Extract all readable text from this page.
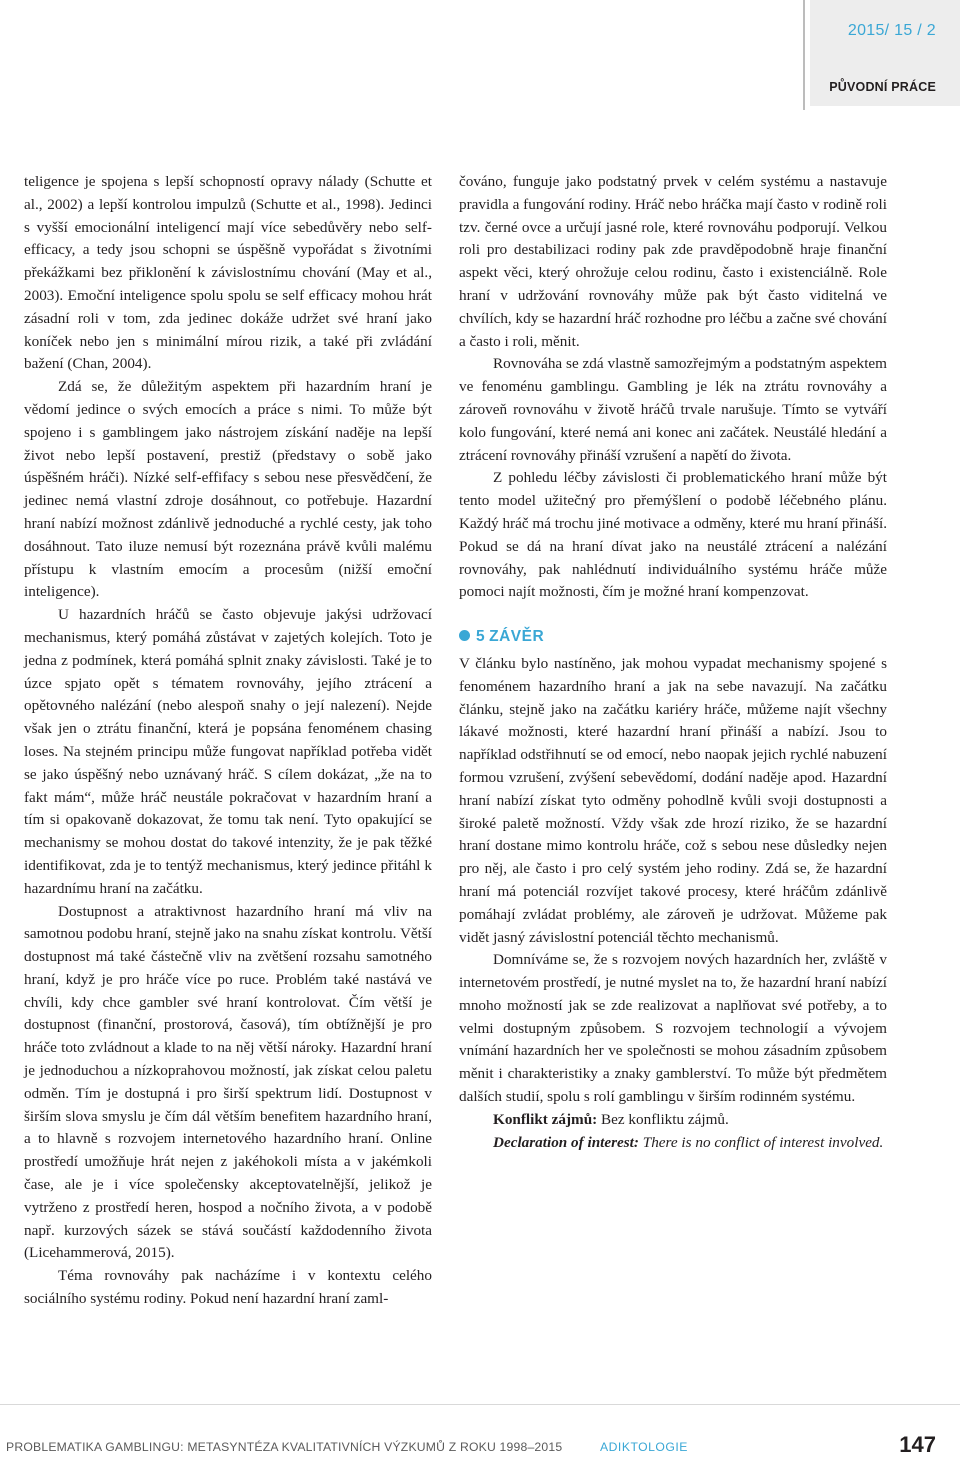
2015/ 15 / 2
PŮVODNÍ PRÁCE

teligence je spojena s lepší schopností opravy nálady (Schutte et al., 2002) a lepší kontrolou impulzů (Schutte et al., 1998). Jedinci s vyšší emocionální inteligencí mají více sebedůvěry nebo self-efficacy, a tedy jsou schopni se úspěšně vypořádat s životními překážkami bez přiklonění k závislostnímu chování (May et al., 2003). Emoční inteligence spolu spolu se self efficacy mohou hrát zásadní roli v tom, zda jedinec dokáže udržet své hraní jako koníček nebo jen s minimální mírou rizik, a také při zvládání bažení (Chan, 2004).

Zdá se, že důležitým aspektem při hazardním hraní je vědomí jedince o svých emocích a práce s nimi. To může být spojeno i s gamblingem jako nástrojem získání naděje na lepší život nebo lepší postavení, prestiž (představy o sobě jako úspěšném hráči). Nízké self-effifacy s sebou nese přesvědčení, že jedinec nemá vlastní zdroje dosáhnout, co potřebuje. Hazardní hraní nabízí možnost zdánlivě jednoduché a rychlé cesty, jak toho dosáhnout. Tato iluze nemusí být rozeznána právě kvůli malému přístupu k vlastním emocím a procesům (nižší emoční inteligence).

U hazardních hráčů se často objevuje jakýsi udržovací mechanismus, který pomáhá zůstávat v zajetých kolejích. Toto je jedna z podmínek, která pomáhá splnit znaky závislosti. Také je to úzce spjato opět s tématem rovnováhy, jejího ztrácení a opětovného nalézání (nebo alespoň snahy o její nalezení). Nejde však jen o ztrátu finanční, která je popsána fenoménem chasing loses. Na stejném principu může fungovat například potřeba vidět se jako úspěšný nebo uznávaný hráč. S cílem dokázat, „že na to fakt mám“, může hráč neustále pokračovat v hazardním hraní a tím si opakovaně dokazovat, že tomu tak není. Tyto opakující se mechanismy se mohou dostat do takové intenzity, že je pak těžké identifikovat, zda je to tentýž mechanismus, který jedince přitáhl k hazardnímu hraní na začátku.

Dostupnost a atraktivnost hazardního hraní má vliv na samotnou podobu hraní, stejně jako na snahu získat kontrolu. Větší dostupnost má také částečně vliv na zvětšení rozsahu samotného hraní, když je pro hráče více po ruce. Problém také nastává ve chvíli, kdy chce gambler své hraní kontrolovat. Čím větší je dostupnost (finanční, prostorová, časová), tím obtížnější je pro hráče toto zvládnout a klade to na něj větší nároky. Hazardní hraní je jednoduchou a nízkoprahovou možností, jak získat celou paletu odměn. Tím je dostupná i pro širší spektrum lidí. Dostupnost v širším slova smyslu je čím dál větším benefitem hazardního hraní, a to hlavně s rozvojem internetového hazardního hraní. Online prostředí umožňuje hrát nejen z jakéhokoli místa a v jakémkoli čase, ale je i více společensky akceptovatelnější, jelikož je vytrženo z prostředí heren, hospod a nočního života, a v podobě např. kurzových sázek se stává součástí každodenního života (Licehammerová, 2015).

Téma rovnováhy pak nacházíme i v kontextu celého sociálního systému rodiny. Pokud není hazardní hraní zaml-

čováno, funguje jako podstatný prvek v celém systému a nastavuje pravidla a fungování rodiny. Hráč nebo hráčka mají často v rodině roli tzv. černé ovce a určují jasné role, které rovnováhu podporují. Velkou roli pro destabilizaci rodiny pak zde pravděpodobně hraje finanční aspekt věci, který ohrožuje celou rodinu, často i existenciálně. Role hraní v udržování rovnováhy může pak být často viditelná ve chvílích, kdy se hazardní hráč rozhodne pro léčbu a začne své chování a často i roli, měnit.

Rovnováha se zdá vlastně samozřejmým a podstatným aspektem ve fenoménu gamblingu. Gambling je lék na ztrátu rovnováhy a zároveň rovnováhu v životě hráčů trvale narušuje. Tímto se vytváří kolo fungování, které nemá ani konec ani začátek. Neustálé hledání a ztrácení rovnováhy přináší vzrušení a napětí do života.

Z pohledu léčby závislosti či problematického hraní může být tento model užitečný pro přemýšlení o podobě léčebného plánu. Každý hráč má trochu jiné motivace a odměny, které mu hraní přináší. Pokud se dá na hraní dívat jako na neustálé ztrácení a nalézání rovnováhy, pak nahlédnutí individuálního systému hráče může pomoci najít možnosti, čím je možné hraní kompenzovat.

5 ZÁVĚR

V článku bylo nastíněno, jak mohou vypadat mechanismy spojené s fenoménem hazardního hraní a jak na sebe navazují. Na začátku článku, stejně jako na začátku kariéry hráče, můžeme najít všechny lákavé možnosti, které hazardní hraní přináší a nabízí. Jsou to například odstřihnutí se od emocí, nebo naopak jejich rychlé nabuzení formou vzrušení, zvýšení sebevědomí, dodání naděje apod. Hazardní hraní nabízí získat tyto odměny pohodlně kvůli svoji dostupnosti a široké paletě možností. Vždy však zde hrozí riziko, že se hazardní hraní dostane mimo kontrolu hráče, což s sebou nese důsledky nejen pro něj, ale často i pro celý systém jeho rodiny. Zdá se, že hazardní hraní má potenciál rozvíjet takové procesy, které hráčům zdánlivě pomáhají zvládat problémy, ale zároveň je udržovat. Můžeme pak vidět jasný závislostní potenciál těchto mechanismů.

Domníváme se, že s rozvojem nových hazardních her, zvláště v internetovém prostředí, je nutné myslet na to, že hazardní hraní nabízí mnoho možností jak se zde realizovat a naplňovat své potřeby, a to velmi dostupným způsobem. S rozvojem technologií a vývojem vnímání hazardních her ve společnosti se mohou zásadním způsobem měnit i charakteristiky a znaky gamblerství. To může být předmětem dalších studií, spolu s rolí gamblingu v širším rodinném systému.

Konflikt zájmů: Bez konfliktu zájmů.

Declaration of interest: There is no conflict of interest involved.

PROBLEMATIKA GAMBLINGU: METASYNTÉZA KVALITATIVNÍCH VÝZKUMŮ Z ROKU 1998–2015	ADIKTOLOGIE	147
